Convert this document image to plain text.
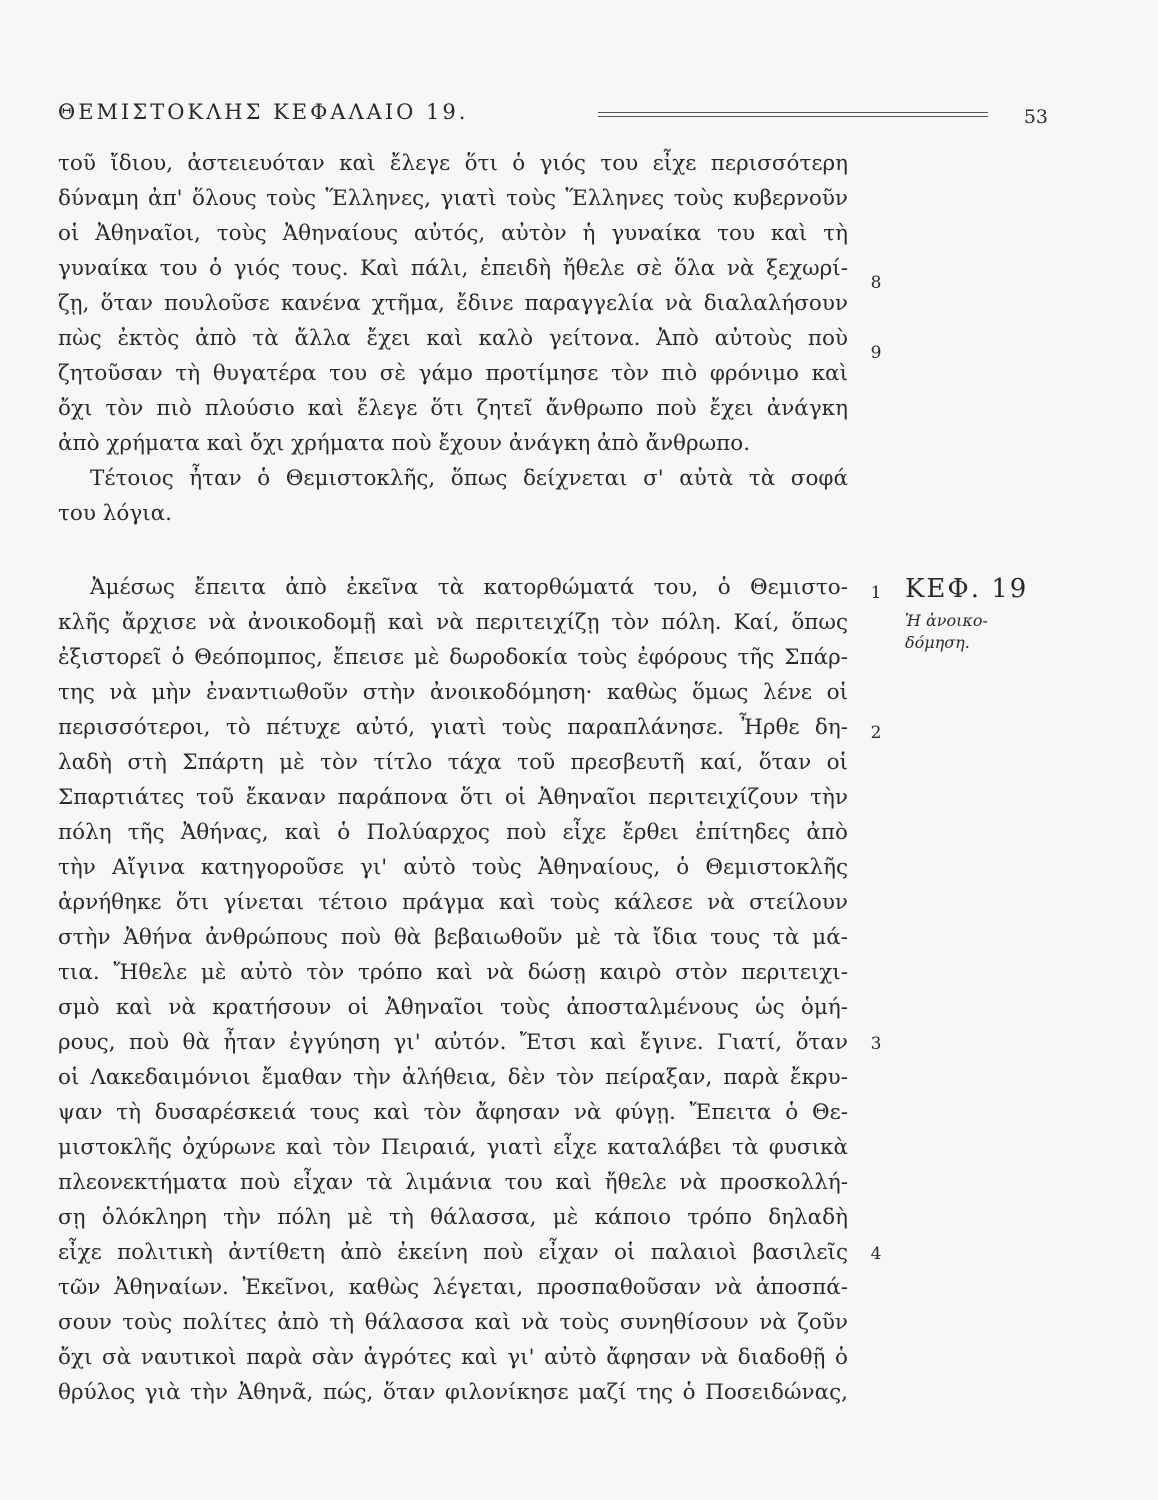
ΘΕΜΙΣΤΟΚΛΗΣ ΚΕΦΑΛΑΙΟ 19.	53
τοῦ ἴδιου, ἀστειευόταν καὶ ἔλεγε ὅτι ὁ γιός του εἶχε περισσότερη
δύναμη ἀπ' ὅλους τοὺς Ἕλληνες, γιατὶ τοὺς Ἕλληνες τοὺς κυβερνοῦν
οἱ Ἀθηναῖοι, τοὺς Ἀθηναίους αὐτός, αὐτὸν ἡ γυναίκα του καὶ τὴ
γυναίκα του ὁ γιός τους. Καὶ πάλι, ἐπειδὴ ἤθελε σὲ ὅλα νὰ ξεχωρί-
ζῃ, ὅταν πουλοῦσε κανένα χτῆμα, ἔδινε παραγγελία νὰ διαλαλήσουν
πὼς ἐκτὸς ἀπὸ τὰ ἄλλα ἔχει καὶ καλὸ γείτονα. Ἀπὸ αὐτοὺς ποὺ
ζητοῦσαν τὴ θυγατέρα του σὲ γάμο προτίμησε τὸν πιὸ φρόνιμο καὶ
ὄχι τὸν πιὸ πλούσιο καὶ ἔλεγε ὅτι ζητεῖ ἄνθρωπο ποὺ ἔχει ἀνάγκη
ἀπὸ χρήματα καὶ ὄχι χρήματα ποὺ ἔχουν ἀνάγκη ἀπὸ ἄνθρωπο.
Τέτοιος ἦταν ὁ Θεμιστοκλῆς, ὅπως δείχνεται σ' αὐτὰ τὰ σοφά
του λόγια.
Ἀμέσως ἔπειτα ἀπὸ ἐκεῖνα τὰ κατορθώματά του, ὁ Θεμιστο-
κλῆς ἄρχισε νὰ ἀνοικοδομῇ καὶ νὰ περιτειχίζῃ τὸν πόλη. Καί, ὅπως
ἐξιστορεῖ ὁ Θεόπομπος, ἔπεισε μὲ δωροδοκία τοὺς ἐφόρους τῆς Σπάρ-
της νὰ μὴν ἐναντιωθοῦν στὴν ἀνοικοδόμηση· καθὼς ὅμως λένε οἱ
περισσότεροι, τὸ πέτυχε αὐτό, γιατὶ τοὺς παραπλάνησε. Ἦρθε δη-
λαδὴ στὴ Σπάρτη μὲ τὸν τίτλο τάχα τοῦ πρεσβευτῆ καί, ὅταν οἱ
Σπαρτιάτες τοῦ ἔκαναν παράπονα ὅτι οἱ Ἀθηναῖοι περιτειχίζουν τὴν
πόλη τῆς Ἀθήνας, καὶ ὁ Πολύαρχος ποὺ εἶχε ἔρθει ἐπίτηδες ἀπὸ
τὴν Αἴγινα κατηγοροῦσε γι' αὐτὸ τοὺς Ἀθηναίους, ὁ Θεμιστοκλῆς
ἀρνήθηκε ὅτι γίνεται τέτοιο πράγμα καὶ τοὺς κάλεσε νὰ στείλουν
στὴν Ἀθήνα ἀνθρώπους ποὺ θὰ βεβαιωθοῦν μὲ τὰ ἴδια τους τὰ μά-
τια. Ἤθελε μὲ αὐτὸ τὸν τρόπο καὶ νὰ δώσῃ καιρὸ στὸν περιτειχι-
σμὸ καὶ νὰ κρατήσουν οἱ Ἀθηναῖοι τοὺς ἀποσταλμένους ὡς ὁμή-
ρους, ποὺ θὰ ἦταν ἐγγύηση γι' αὐτόν. Ἔτσι καὶ ἔγινε. Γιατί, ὅταν
οἱ Λακεδαιμόνιοι ἔμαθαν τὴν ἀλήθεια, δὲν τὸν πείραξαν, παρὰ ἔκρυ-
ψαν τὴ δυσαρέσκειά τους καὶ τὸν ἄφησαν νὰ φύγῃ. Ἔπειτα ὁ Θε-
μιστοκλῆς ὀχύρωνε καὶ τὸν Πειραιά, γιατὶ εἶχε καταλάβει τὰ φυσικὰ
πλεονεκτήματα ποὺ εἶχαν τὰ λιμάνια του καὶ ἤθελε νὰ προσκολλή-
σῃ ὁλόκληρη τὴν πόλη μὲ τὴ θάλασσα, μὲ κάποιο τρόπο δηλαδὴ
εἶχε πολιτικὴ ἀντίθετη ἀπὸ ἐκείνη ποὺ εἶχαν οἱ παλαιοὶ βασιλεῖς
τῶν Ἀθηναίων. Ἐκεῖνοι, καθὼς λέγεται, προσπαθοῦσαν νὰ ἀποσπά-
σουν τοὺς πολίτες ἀπὸ τὴ θάλασσα καὶ νὰ τοὺς συνηθίσουν νὰ ζοῦν
ὄχι σὰ ναυτικοὶ παρὰ σὰν ἀγρότες καὶ γι' αὐτὸ ἄφησαν νὰ διαδοθῇ ὁ
θρύλος γιὰ τὴν Ἀθηνᾶ, πώς, ὅταν φιλονίκησε μαζί της ὁ Ποσειδώνας,
8
9
1
2
3
4
ΚΕΦ. 19
Ἡ ἀνοικο-
δόμηση.
